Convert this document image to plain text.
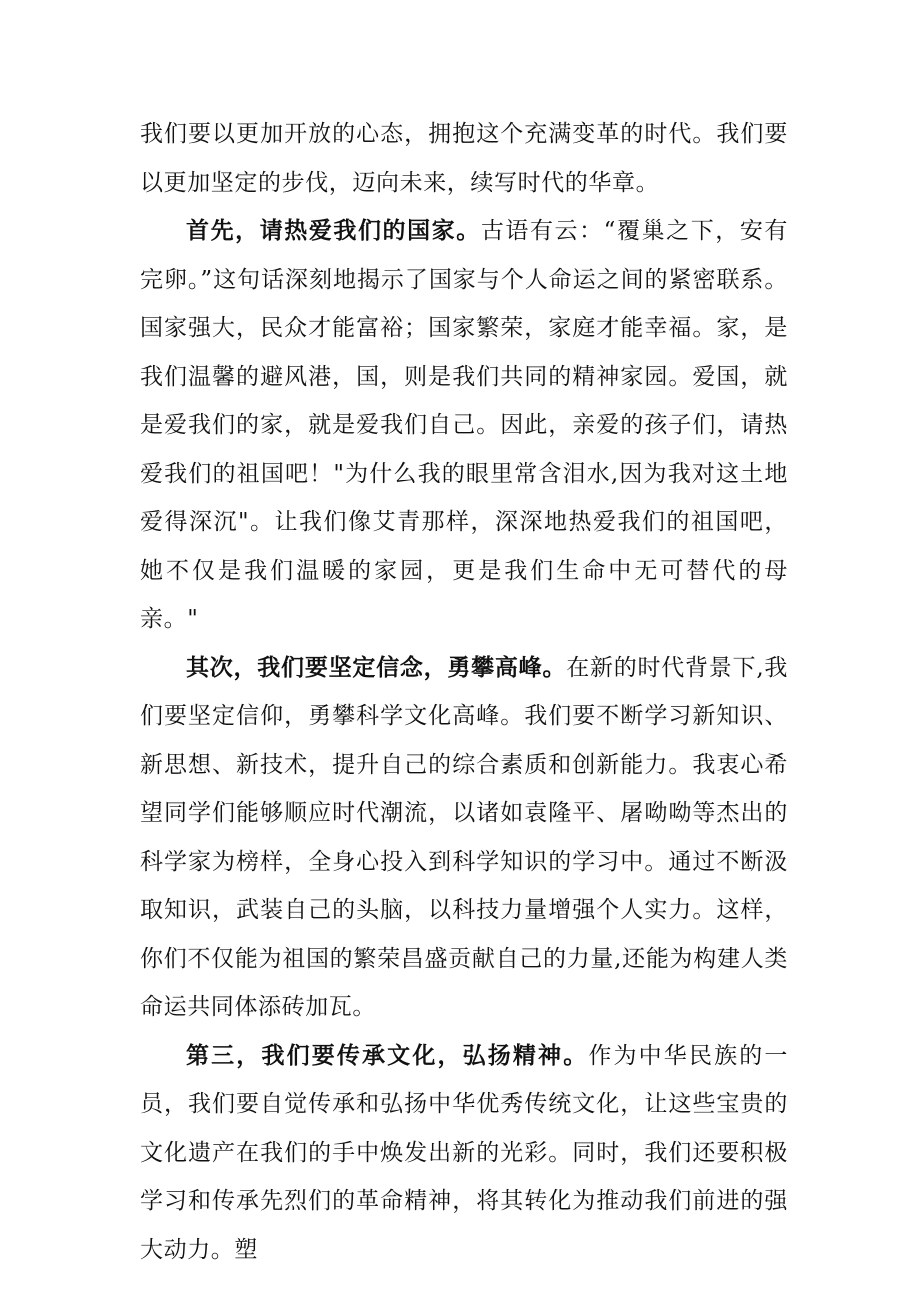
我们要以更加开放的心态，拥抱这个充满变革的时代。我们要以更加坚定的步伐，迈向未来，续写时代的华章。

首先，请热爱我们的国家。古语有云：“覆巢之下，安有完卵。”这句话深刻地揭示了国家与个人命运之间的紧密联系。国家强大，民众才能富裕；国家繁荣，家庭才能幸福。家，是我们温馨的避风港，国，则是我们共同的精神家园。爱国，就是爱我们的家，就是爱我们自己。因此，亲爱的孩子们，请热爱我们的祖国吧！"为什么我的眼里常含泪水,因为我对这土地爱得深沉"。让我们像艾青那样，深深地热爱我们的祖国吧，她不仅是我们温暖的家园，更是我们生命中无可替代的母亲。"

其次，我们要坚定信念，勇攀高峰。在新的时代背景下,我们要坚定信仰，勇攀科学文化高峰。我们要不断学习新知识、新思想、新技术，提升自己的综合素质和创新能力。我衷心希望同学们能够顺应时代潮流，以诸如袁隆平、屠呦呦等杰出的科学家为榜样，全身心投入到科学知识的学习中。通过不断汲取知识，武装自己的头脑，以科技力量增强个人实力。这样，你们不仅能为祖国的繁荣昌盛贡献自己的力量,还能为构建人类命运共同体添砖加瓦。

第三，我们要传承文化，弘扬精神。作为中华民族的一员，我们要自觉传承和弘扬中华优秀传统文化，让这些宝贵的文化遗产在我们的手中焕发出新的光彩。同时，我们还要积极学习和传承先烈们的革命精神，将其转化为推动我们前进的强大动力。塑
